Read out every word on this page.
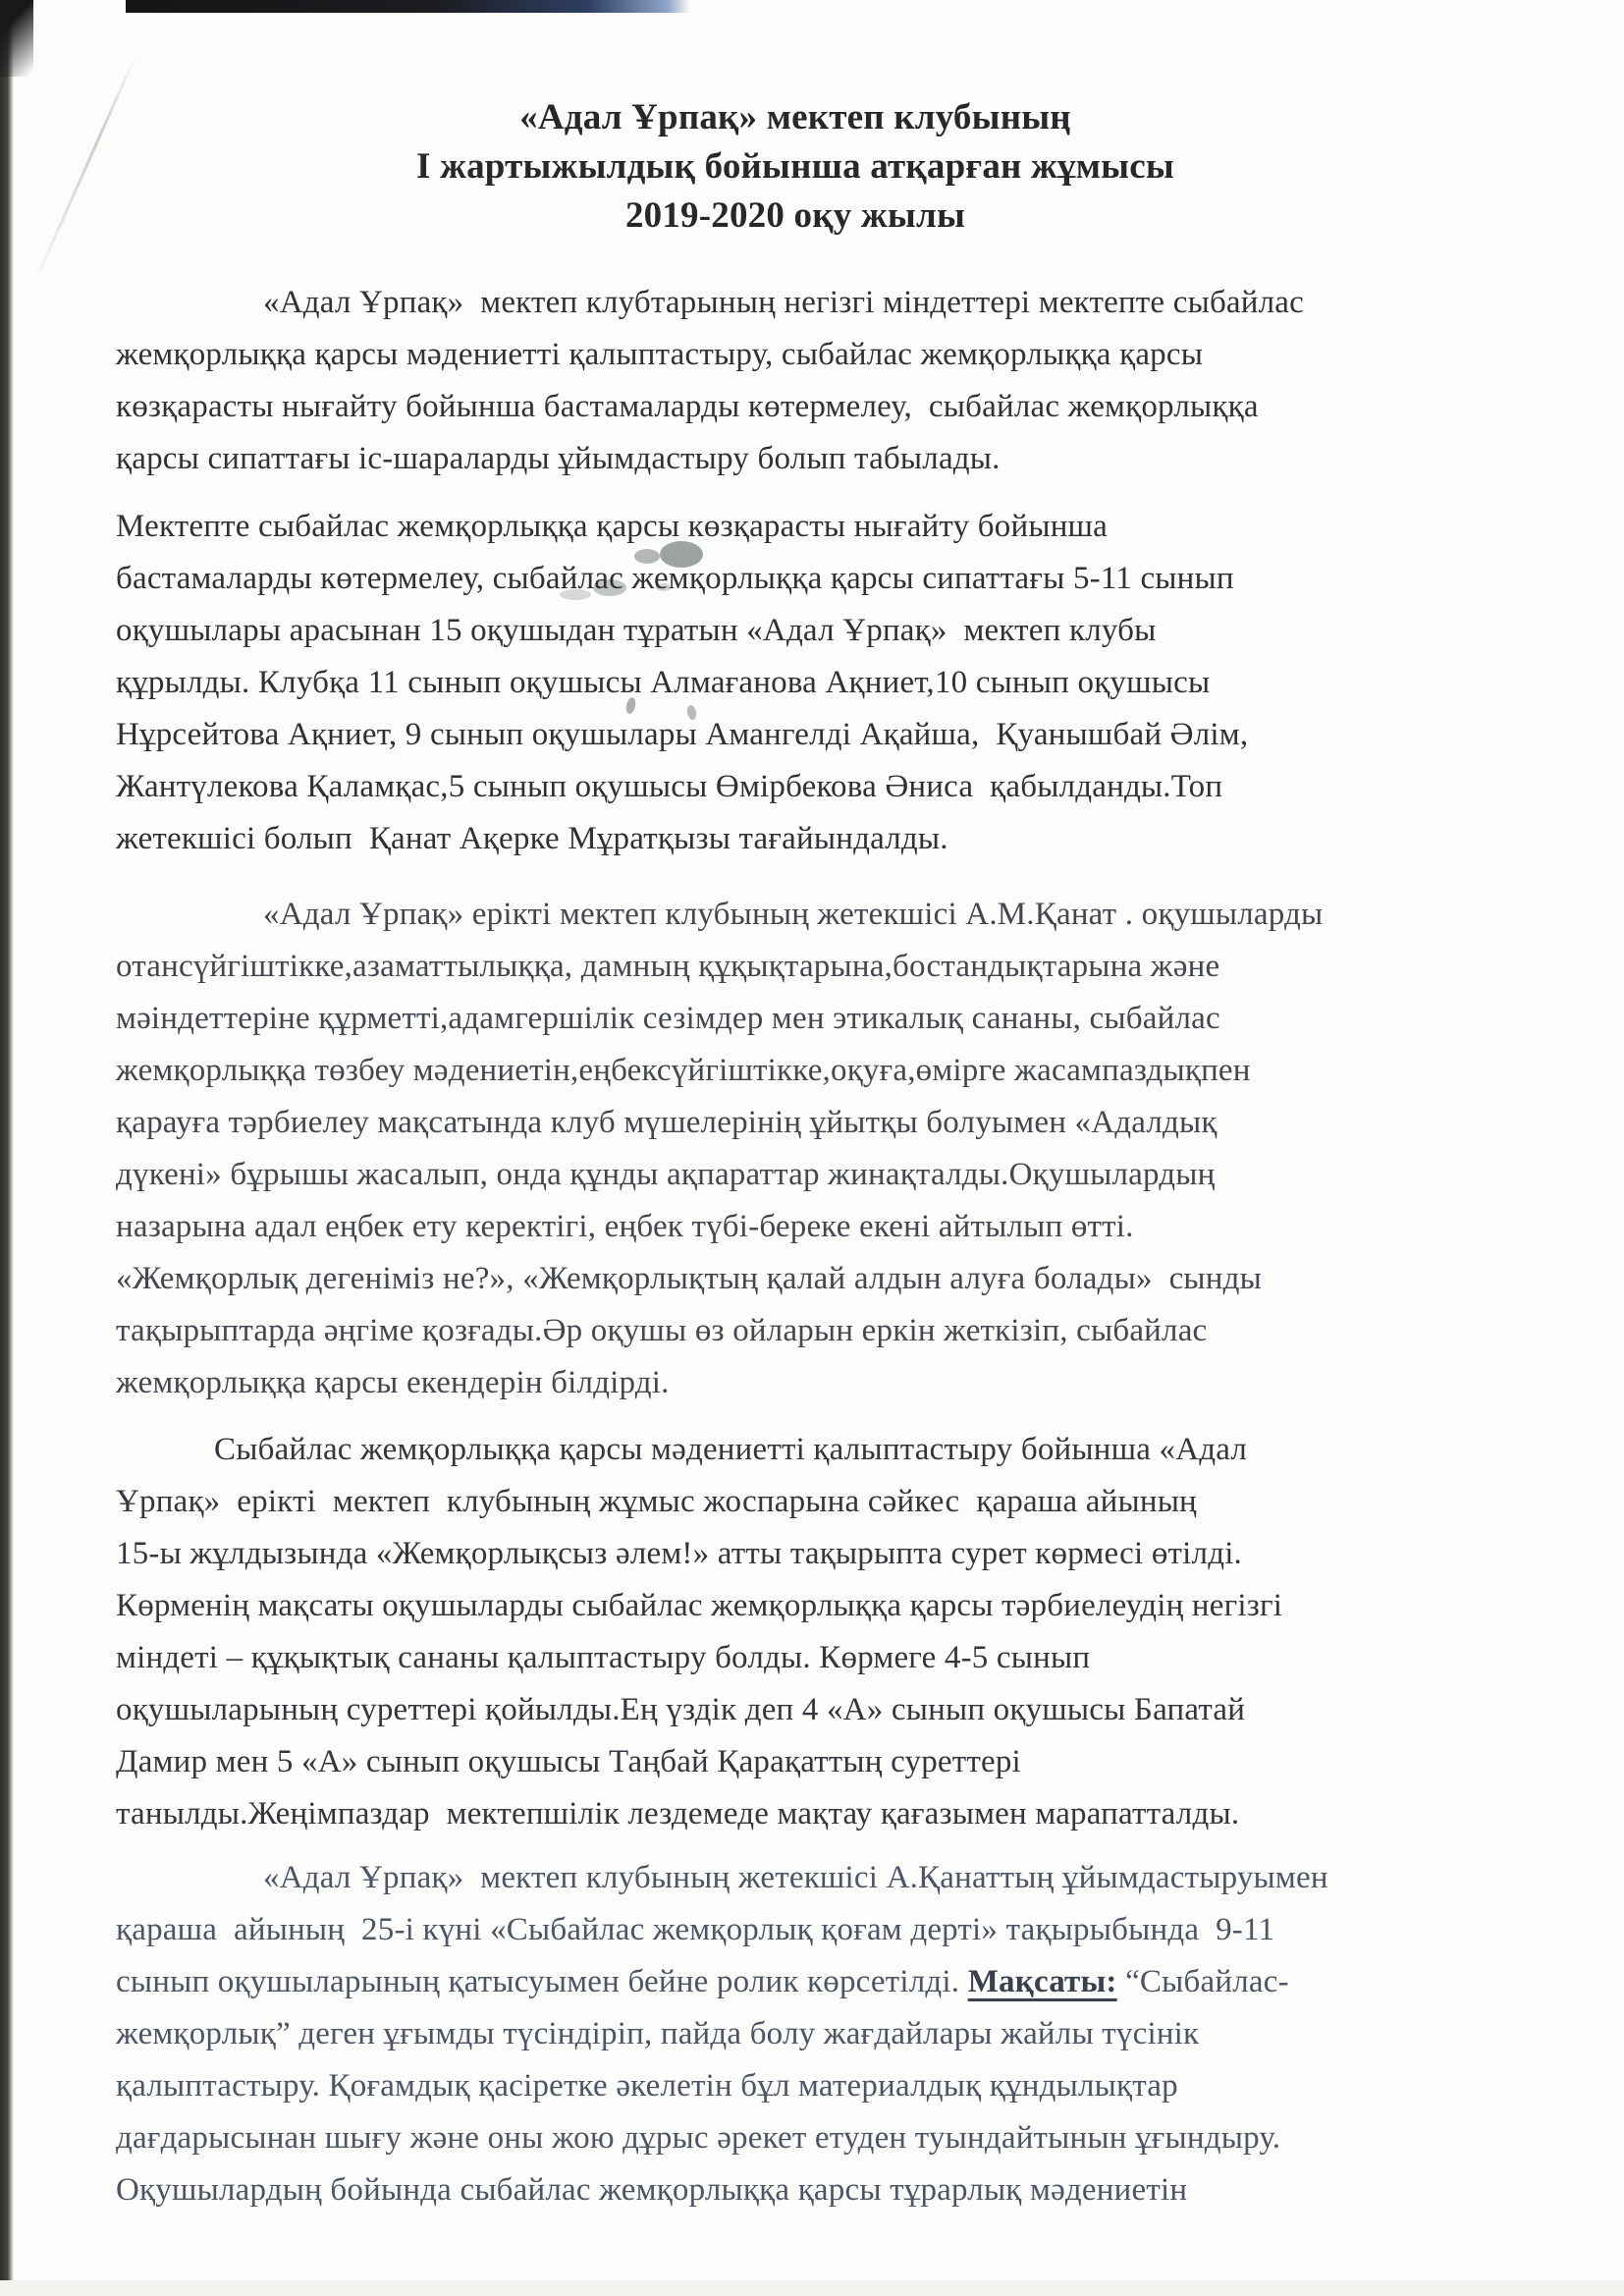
«Адал Ұрпақ» мектеп клубының
І жартыжылдық бойынша атқарған жұмысы
2019-2020 оқу жылы
«Адал Ұрпақ»  мектеп клубтарының негізгі міндеттері мектепте сыбайлас
жемқорлыққа қарсы мәдениетті қалыптастыру, сыбайлас жемқорлыққа қарсы
көзқарасты нығайту бойынша бастамаларды көтермелеу,  сыбайлас жемқорлыққа
қарсы сипаттағы іс-шараларды ұйымдастыру болып табылады.
Мектепте сыбайлас жемқорлыққа қарсы көзқарасты нығайту бойынша
бастамаларды көтермелеу, сыбайлас жемқорлыққа қарсы сипаттағы 5-11 сынып
оқушылары арасынан 15 оқушыдан тұратын «Адал Ұрпақ»  мектеп клубы
құрылды. Клубқа 11 сынып оқушысы Алмағанова Ақниет,10 сынып оқушысы
Нұрсейтова Ақниет, 9 сынып оқушылары Амангелді Ақайша,  Қуанышбай Әлім,
Жантүлекова Қаламқас,5 сынып оқушысы Өмірбекова Әниса  қабылданды.Топ
жетекшісі болып  Қанат Ақерке Мұратқызы тағайындалды.
«Адал Ұрпақ» ерікті мектеп клубының жетекшісі А.М.Қанат . оқушыларды
отансүйгіштікке,азаматтылыққа, дамның құқықтарына,бостандықтарына және
мәіндеттеріне құрметті,адамгершілік сезімдер мен этикалық сананы, сыбайлас
жемқорлыққа төзбеу мәдениетін,еңбексүйгіштікке,оқуға,өмірге жасампаздықпен
қарауға тәрбиелеу мақсатында клуб мүшелерінің ұйытқы болуымен «Адалдық
дүкені» бұрышы жасалып, онда құнды ақпараттар жинақталды.Оқушылардың
назарына адал еңбек ету керектігі, еңбек түбі-береке екені айтылып өтті.
«Жемқорлық дегеніміз не?», «Жемқорлықтың қалай алдын алуға болады»  сынды
тақырыптарда әңгіме қозғады.Әр оқушы өз ойларын еркін жеткізіп, сыбайлас
жемқорлыққа қарсы екендерін білдірді.
Сыбайлас жемқорлыққа қарсы мәдениетті қалыптастыру бойынша «Адал
Ұрпақ»  ерікті  мектеп  клубының жұмыс жоспарына сәйкес  қараша айының
15-ы жұлдызында «Жемқорлықсыз әлем!» атты тақырыпта сурет көрмесі өтілді.
Көрменің мақсаты оқушыларды сыбайлас жемқорлыққа қарсы тәрбиелеудің негізгі
міндеті – құқықтық сананы қалыптастыру болды. Көрмеге 4-5 сынып
оқушыларының суреттері қойылды.Ең үздік деп 4 «А» сынып оқушысы Бапатай
Дамир мен 5 «А» сынып оқушысы Таңбай Қарақаттың суреттері
танылды.Жеңімпаздар  мектепшілік лездемеде мақтау қағазымен марапатталды.
«Адал Ұрпақ»  мектеп клубының жетекшісі А.Қанаттың ұйымдастыруымен
қараша  айының  25-і күні «Сыбайлас жемқорлық қоғам дерті» тақырыбында  9-11
сынып оқушыларының қатысуымен бейне ролик көрсетілді. Мақсаты: “Сыбайлас-
жемқорлық” деген ұғымды түсіндіріп, пайда болу жағдайлары жайлы түсінік
қалыптастыру. Қоғамдық қасіретке әкелетін бұл материалдық құндылықтар
дағдарысынан шығу және оны жою дұрыс әрекет етуден туындайтынын ұғындыру.
Оқушылардың бойында сыбайлас жемқорлыққа қарсы тұрарлық мәдениетін
